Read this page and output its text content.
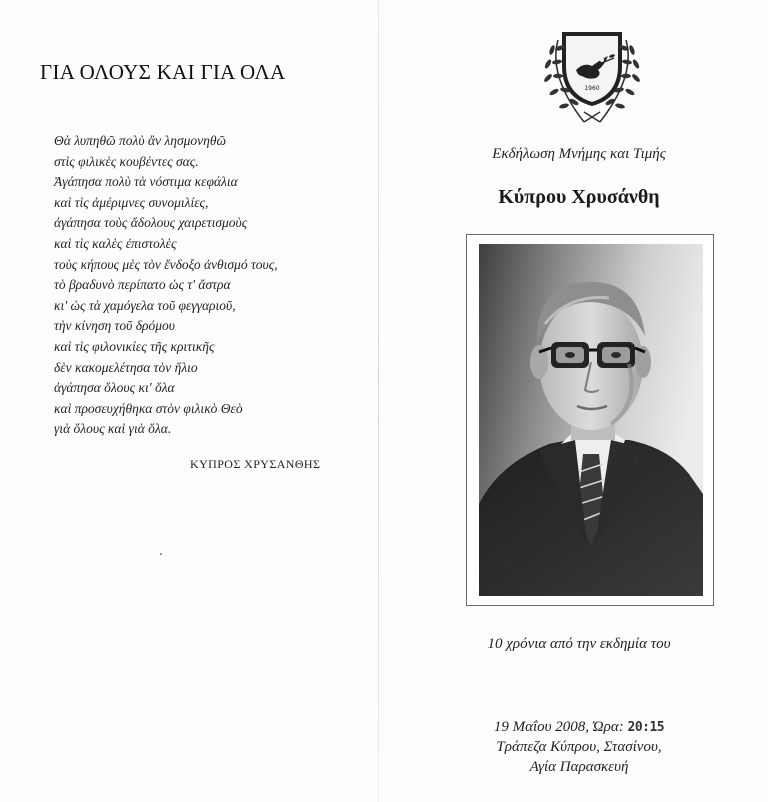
ΓΙΑ ΟΛΟΥΣ ΚΑΙ ΓΙΑ ΟΛΑ
Θὰ λυπηθῶ πολὺ ἂν λησμονηθῶ
στὶς φιλικὲς κουβέντες σας.
Ἀγάπησα πολὺ τὰ νόστιμα κεφάλια
καὶ τὶς ἀμέριμνες συνομιλίες,
ἀγάπησα τοὺς ἄδολους χαιρετισμοὺς
καὶ τὶς καλὲς ἐπιστολὲς
τοὺς κήπους μὲς τὸν ἔνδοξο ἀνθισμό τους,
τὸ βραδυνὸ περίπατο ὡς τ' ἄστρα
κι' ὡς τὰ χαμόγελα τοῦ φεγγαριοῦ,
τὴν κίνηση τοῦ δρόμου
καὶ τὶς φιλονικίες τῆς κριτικῆς
δὲν κακομελέτησα τὸν ἥλιο
ἀγάπησα ὅλους κι' ὅλα
καὶ προσευχήθηκα στὸν φιλικὸ Θεὸ
γιὰ ὅλους καὶ γιὰ ὅλα.
ΚΥΠΡΟΣ ΧΡΥΣΑΝΘΗΣ
1960
Εκδήλωση Μνήμης και Τιμής
Κύπρου Χρυσάνθη
10 χρόνια από την εκδημία του
19 Μαΐου 2008, Ώρα: 20:15
Τράπεζα Κύπρου, Στασίνου,
Αγία Παρασκευή
